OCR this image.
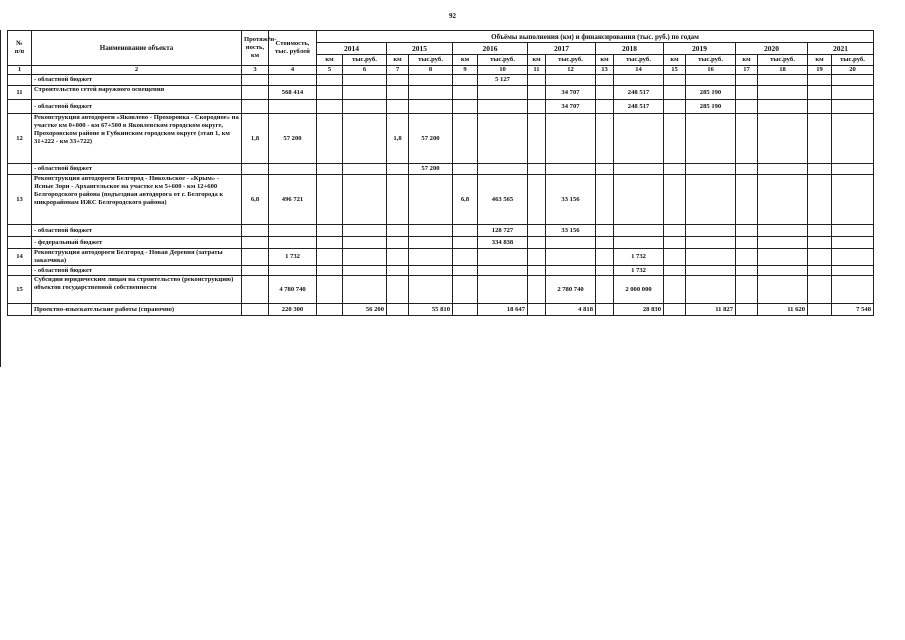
92
№
п/п	Наименование объекта	Протяжён-
ность,
км	Стоимость,
тыс. рублей	Объёмы выполнения (км) и финансирования (тыс. руб.) по годам															
				2014		2015		2016		2017		2018		2019		2020		2021	
				км	тыс.руб.	км	тыс.руб.	км	тыс.руб.	км	тыс.руб.	км	тыс.руб.	км	тыс.руб.	км	тыс.руб.	км	тыс.руб.
1	2	3	4	5	6	7	8	9	10	11	12	13	14	15	16	17	18	19	20
	- областной бюджет								5 127										
11	Строительство сетей наружного освещения		568 414								34 707		248 517		285 190				
	- областной бюджет										34 707		248 517		285 190				
12	Реконструкция автодороги «Яковлево - Прохоровка - Скородное» на участке км 0+000 - км 67+500 в Яковлевском городском округе, Прохоровском районе и Губкинском городском округе (этап 1, км 31+222 - км 33+722)	1,8	57 200			1,8	57 200												
	- областной бюджет						57 200												
13	Реконструкция автодороги Белгород - Никольское - «Крым» - Ясные Зори - Архангельское на участке км 5+600 - км 12+600 Белгородского района (подъездная автодорога от г. Белгорода к микрорайонам ИЖС Белгородского района)	6,8	496 721					6,8	463 565		33 156								
	- областной бюджет								128 727		33 156								
	- федеральный бюджет								334 838										
14	Реконструкция автодороги Белгород - Новая Деревня (затраты заказчика)		1 732										1 732						
	- областной бюджет												1 732						
15	Субсидии юридическим лицам на строительство (реконструкцию) объектов государственной собственности		4 780 740								2 780 740		2 000 000						
	Проектно-изыскательские работы (справочно)		220 300		56 200		55 810		18 647		4 818		28 830		11 827		11 620		7 548
